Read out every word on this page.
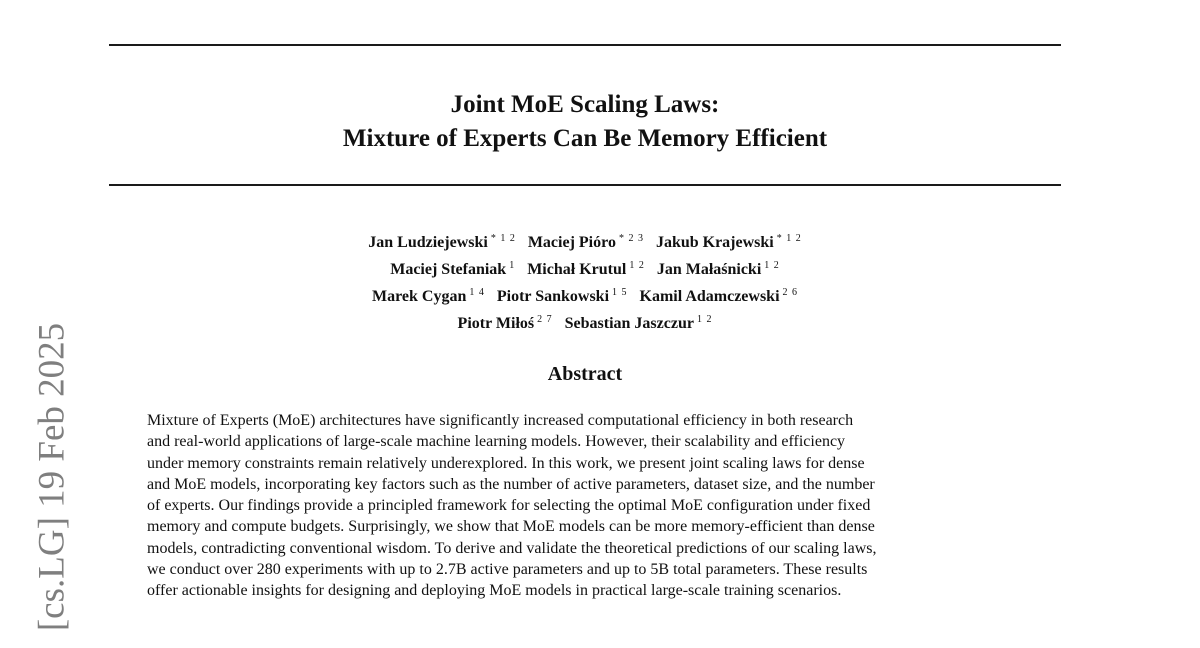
Joint MoE Scaling Laws:
Mixture of Experts Can Be Memory Efficient
Jan Ludziejewski $^{* 1 2}$ Maciej Pióro $^{* 2 3}$ Jakub Krajewski $^{* 1 2}$
Maciej Stefaniak $^1$ Michał Krutul $^{1 2}$ Jan Małaśnicki $^{1 2}$
Marek Cygan $^{1 4}$ Piotr Sankowski $^{1 5}$ Kamil Adamczewski $^{2 6}$
Piotr Miłoś $^{2 7}$ Sebastian Jaszczur $^{1 2}$
Abstract
Mixture of Experts (MoE) architectures have significantly increased computational efficiency in both research
and real-world applications of large-scale machine learning models. However, their scalability and efficiency
under memory constraints remain relatively underexplored. In this work, we present joint scaling laws for dense
and MoE models, incorporating key factors such as the number of active parameters, dataset size, and the number
of experts. Our findings provide a principled framework for selecting the optimal MoE configuration under fixed
memory and compute budgets. Surprisingly, we show that MoE models can be more memory-efficient than dense
models, contradicting conventional wisdom. To derive and validate the theoretical predictions of our scaling laws,
we conduct over 280 experiments with up to 2.7B active parameters and up to 5B total parameters. These results
offer actionable insights for designing and deploying MoE models in practical large-scale training scenarios.
[cs.LG] 19 Feb 2025
